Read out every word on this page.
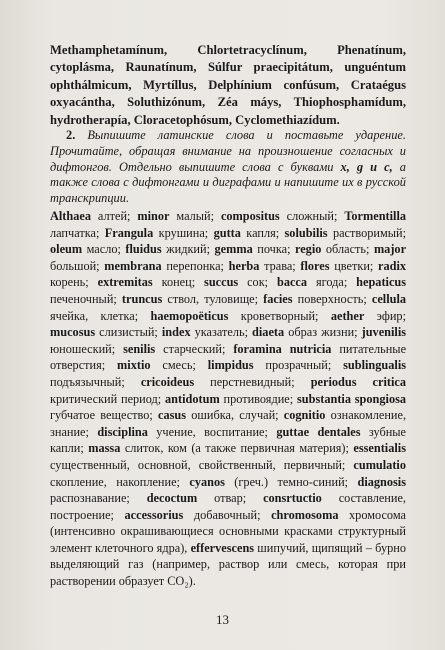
Methamphetamínum, Chlortetracyclínum, Phenatínum, cytoplásma, Raunatínum, Súlfur praecipitátum, unguéntum ophthálmicum, Myrtíllus, Delphínium confúsum, Crataégus oxyacántha, Soluthizónum, Zéa máys, Thiophosphamídum, hydrotherapía, Cloracetophósum, Cyclomethiazídum.

2. Выпишите латинские слова и поставьте ударение. Прочитайте, обращая внимание на произношение согласных и дифтонгов. Отдельно выпишите слова с буквами x, g и c, а также слова с дифтонгами и диграфами и напишите их в русской транскрипции.

Althaea алтей; minor малый; compositus сложный; Tormentilla лапчатка; Frangula крушина; gutta капля; solubilis растворимый; oleum масло; fluidus жидкий; gemma почка; regio область; major большой; membrana перепонка; herba трава; flores цветки; radix корень; extremitas конец; succus сок; bacca ягода; hepaticus печеночный; truncus ствол, туловище; facies поверхность; cellula ячейка, клетка; haemopoëticus кроветворный; aether эфир; mucosus слизистый; index указатель; diaeta образ жизни; juvenilis юношеский; senilis старческий; foramina nutricia питательные отверстия; mixtio смесь; limpidus прозрачный; sublingualis подъязычный; cricoideus перстневидный; periodus critica критический период; antidotum противоядие; substantia spongiosa губчатое вещество; casus ошибка, случай; cognitio ознакомление, знание; disciplina учение, воспитание; guttae dentales зубные капли; massa слиток, ком (а также первичная материя); essentialis существенный, основной, свойственный, первичный; cumulatio скопление, накопление; cyanos (греч.) темно-синий; diagnosis распознавание; decoctum отвар; consrtuctio составление, построение; accessorius добавочный; chromosoma хромосома (интенсивно окрашивающиеся основными красками структурный элемент клеточного ядра), effervescens шипучий, щипящий – бурно выделяющий газ (например, раствор или смесь, которая при растворении образует CO₂).

13
